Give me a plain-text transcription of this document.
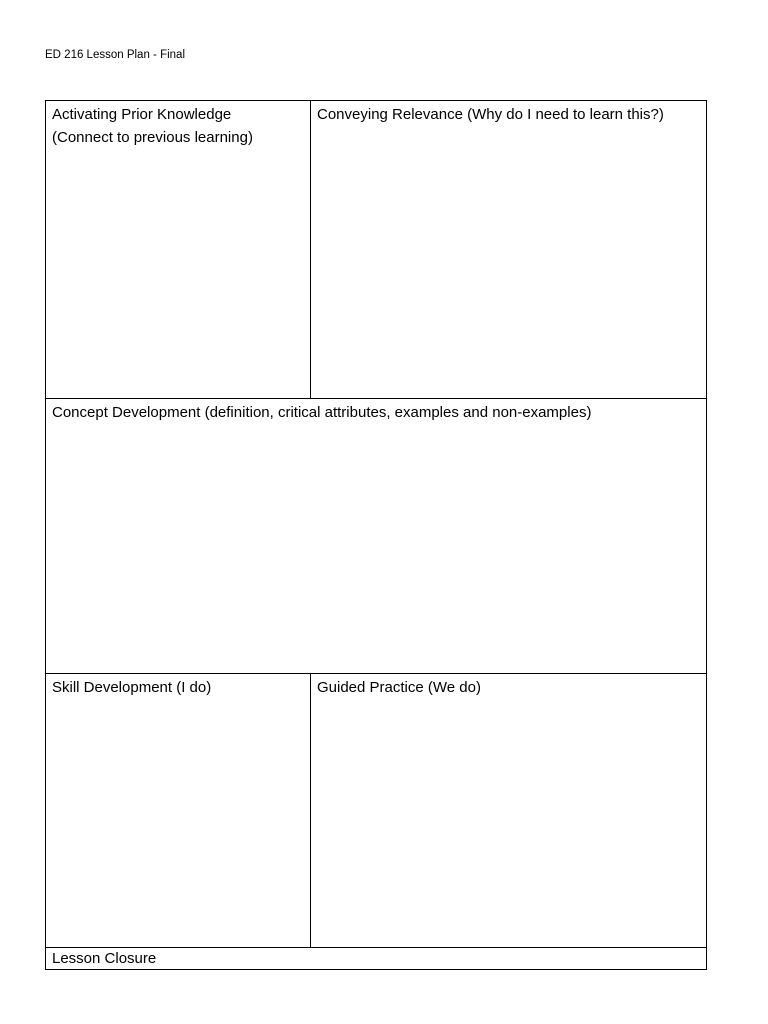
ED 216 Lesson Plan - Final
Activating Prior Knowledge
(Connect to previous learning)	Conveying Relevance (Why do I need to learn this?)

Concept Development (definition, critical attributes, examples and non-examples)	

Skill Development (I do)	Guided Practice (We do)

Lesson Closure	
